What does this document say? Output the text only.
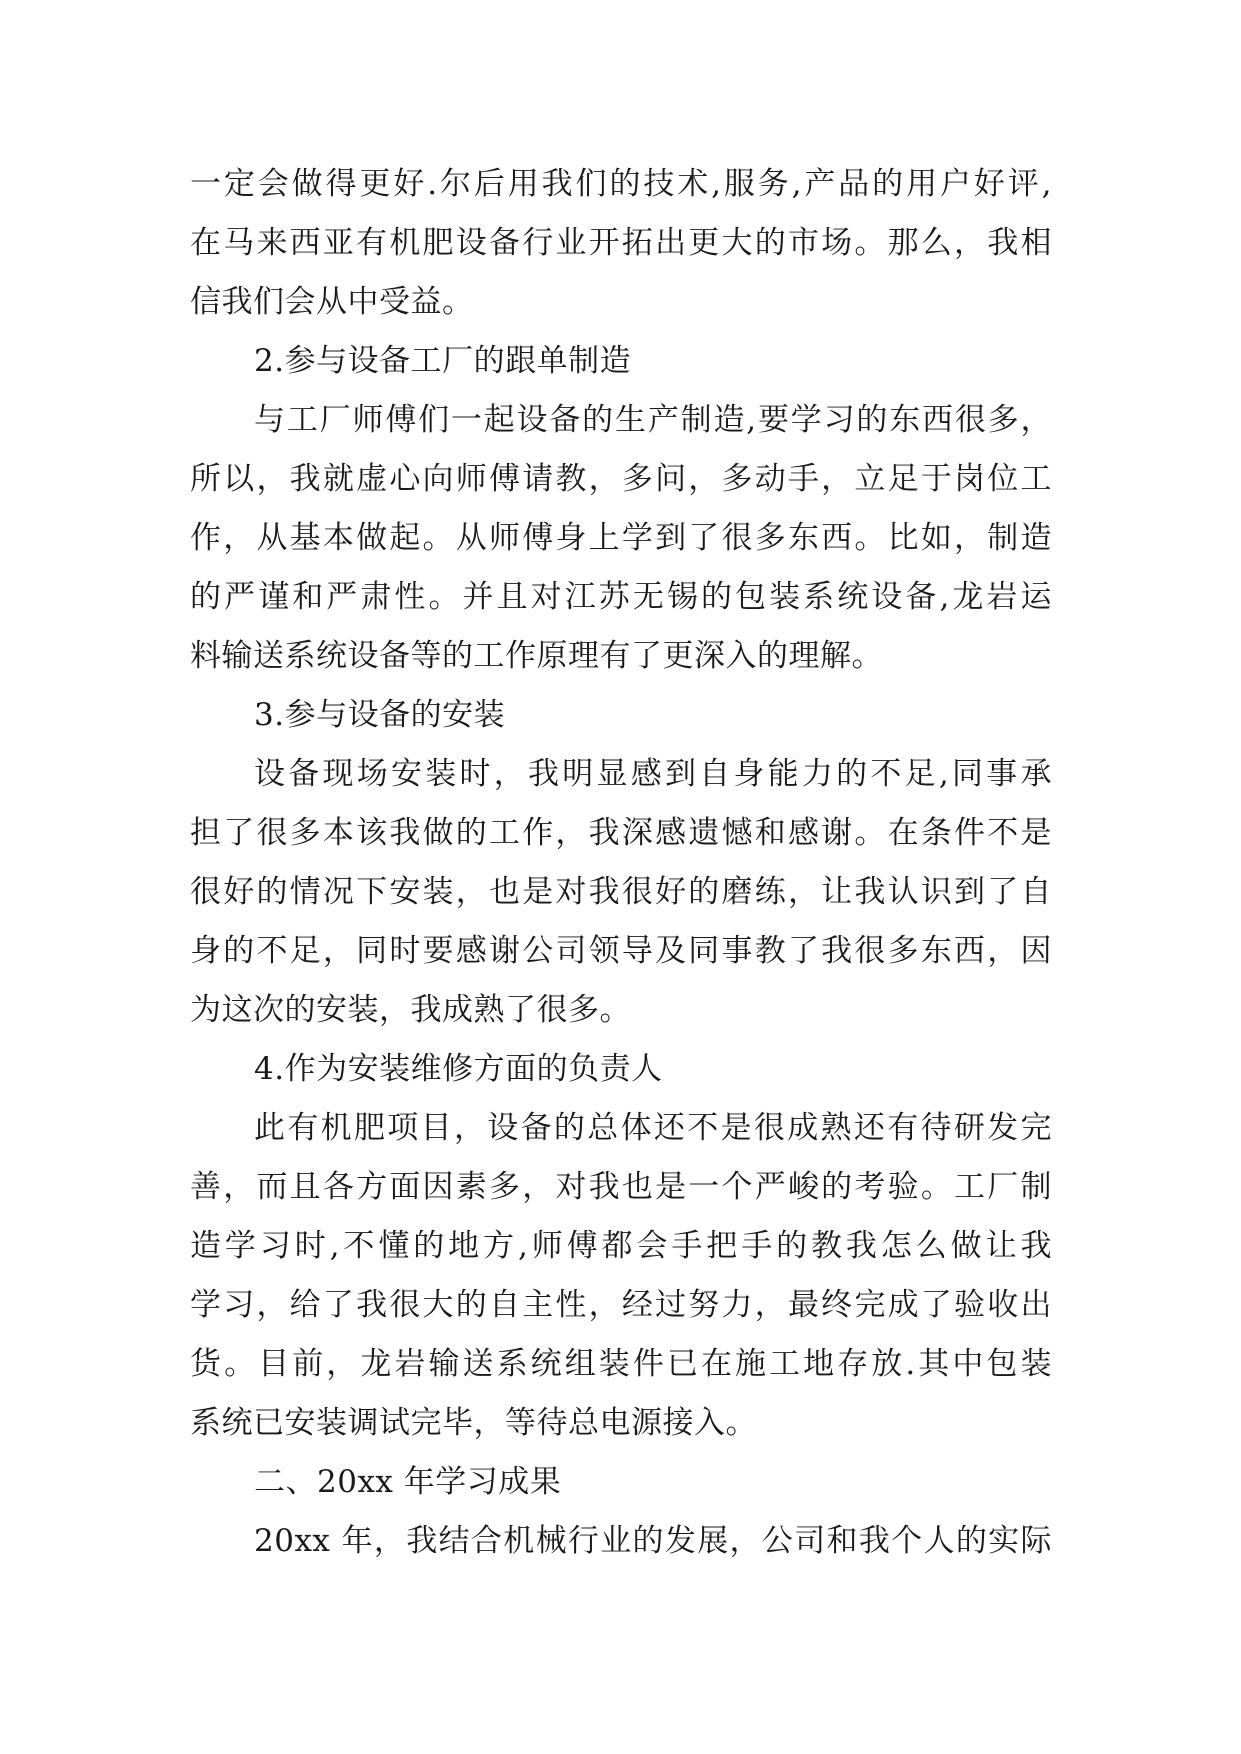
一定会做得更好.尔后用我们的技术,服务,产品的用户好评,
在马来西亚有机肥设备行业开拓出更大的市场。那么，我相
信我们会从中受益。
2.参与设备工厂的跟单制造
与工厂师傅们一起设备的生产制造,要学习的东西很多，
所以，我就虚心向师傅请教，多问，多动手，立足于岗位工
作，从基本做起。从师傅身上学到了很多东西。比如，制造
的严谨和严肃性。并且对江苏无锡的包装系统设备,龙岩运
料输送系统设备等的工作原理有了更深入的理解。
3.参与设备的安装
设备现场安装时，我明显感到自身能力的不足,同事承
担了很多本该我做的工作，我深感遗憾和感谢。在条件不是
很好的情况下安装，也是对我很好的磨练，让我认识到了自
身的不足，同时要感谢公司领导及同事教了我很多东西，因
为这次的安装，我成熟了很多。
4.作为安装维修方面的负责人
此有机肥项目，设备的总体还不是很成熟还有待研发完
善，而且各方面因素多，对我也是一个严峻的考验。工厂制
造学习时,不懂的地方,师傅都会手把手的教我怎么做让我
学习，给了我很大的自主性，经过努力，最终完成了验收出
货。目前，龙岩输送系统组装件已在施工地存放.其中包装
系统已安装调试完毕，等待总电源接入。
二、20xx 年学习成果
20xx 年，我结合机械行业的发展，公司和我个人的实际
